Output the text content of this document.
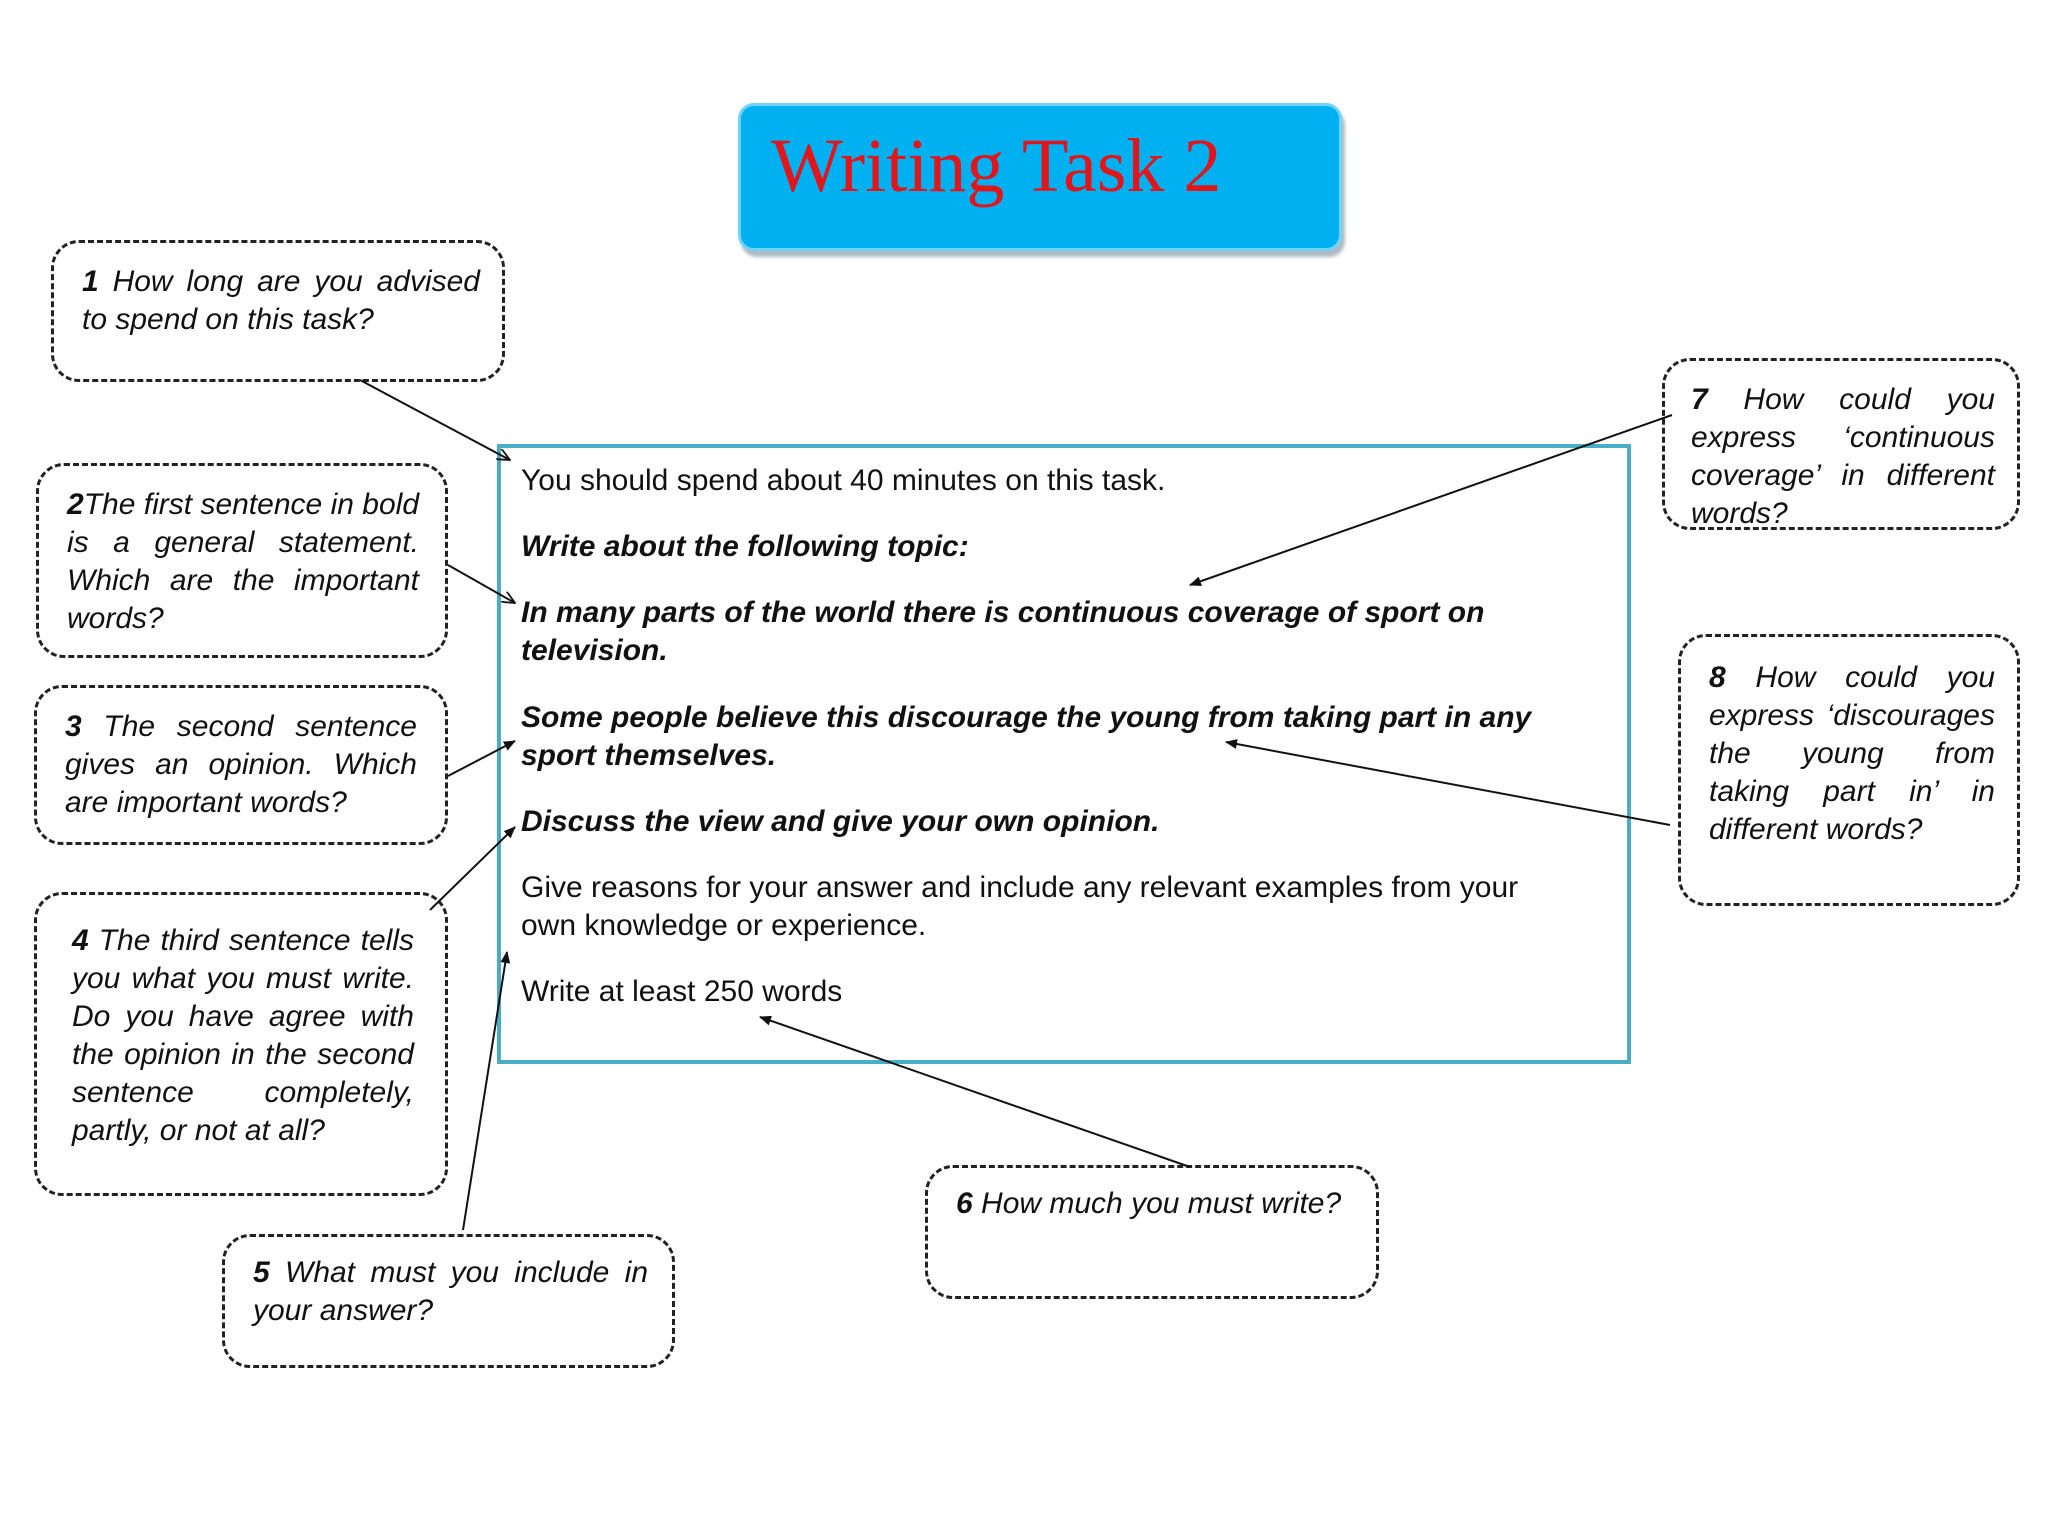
Writing Task 2

You should spend about 40 minutes on this task.

Write about the following topic:

In many parts of the world there is continuous coverage of sport on

television.

Some people believe this discourage the young from taking part in any

sport themselves.

Discuss the view and give your own opinion.

Give reasons for your answer and include any relevant examples from your

own knowledge or experience.

Write at least 250 words

1 How long are you advised to spend on this task?

2The first sentence in bold is a general statement. Which are the important words?

3 The second sentence gives an opinion. Which are important words?

4 The third sentence tells you what you must write. Do you have agree with the opinion in the second sentence completely, partly, or not at all?

5 What must you include in your answer?

6 How much you must write?

7 How could you express ‘continuous coverage’ in different words?

8 How could you express ‘discourages the young from taking part in’ in different words?
